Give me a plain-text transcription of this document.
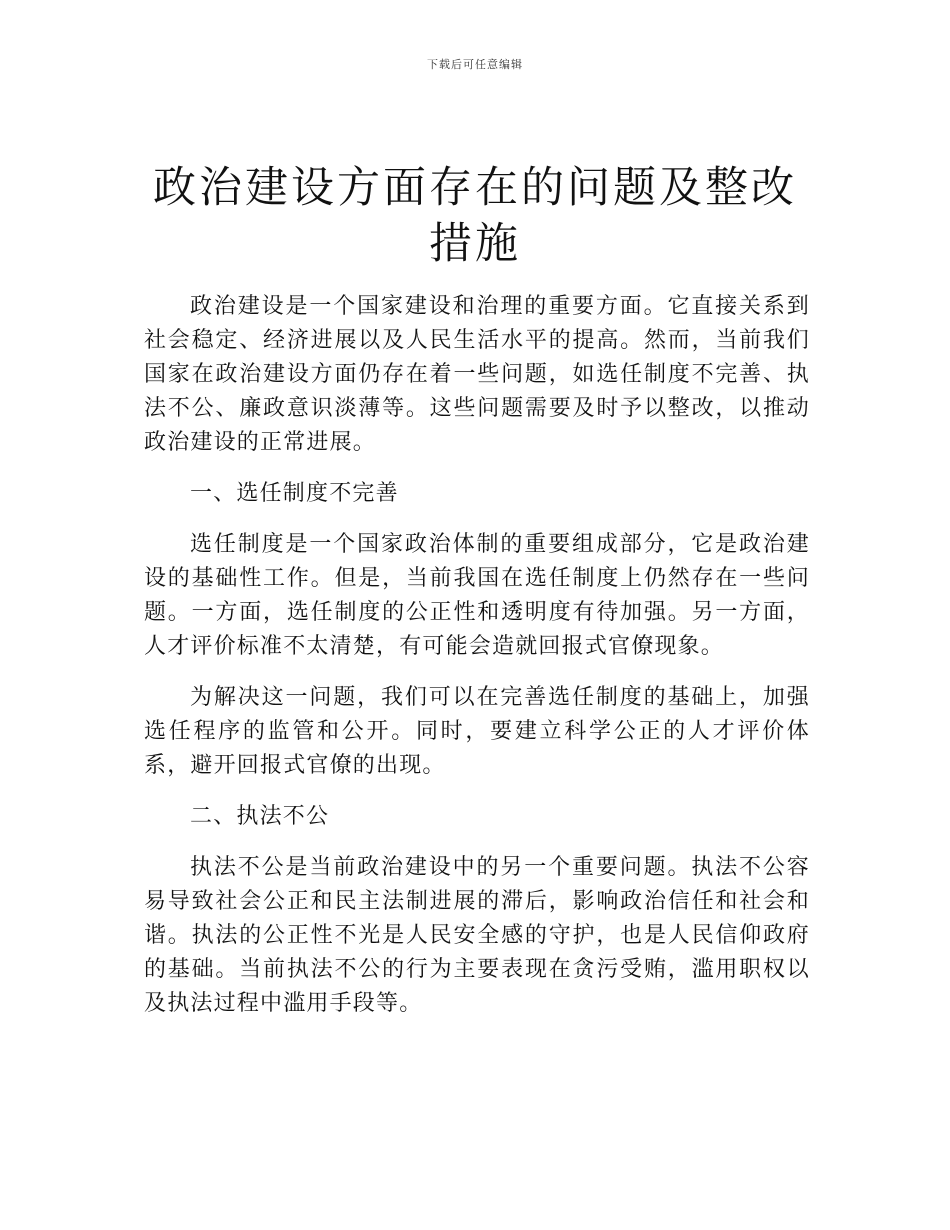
下载后可任意编辑
政治建设方面存在的问题及整改措施

政治建设是一个国家建设和治理的重要方面。它直接关系到社会稳定、经济进展以及人民生活水平的提高。然而，当前我们国家在政治建设方面仍存在着一些问题，如选任制度不完善、执法不公、廉政意识淡薄等。这些问题需要及时予以整改，以推动政治建设的正常进展。

一、选任制度不完善

选任制度是一个国家政治体制的重要组成部分，它是政治建设的基础性工作。但是，当前我国在选任制度上仍然存在一些问题。一方面，选任制度的公正性和透明度有待加强。另一方面，人才评价标准不太清楚，有可能会造就回报式官僚现象。

为解决这一问题，我们可以在完善选任制度的基础上，加强选任程序的监管和公开。同时，要建立科学公正的人才评价体系，避开回报式官僚的出现。

二、执法不公

执法不公是当前政治建设中的另一个重要问题。执法不公容易导致社会公正和民主法制进展的滞后，影响政治信任和社会和谐。执法的公正性不光是人民安全感的守护，也是人民信仰政府的基础。当前执法不公的行为主要表现在贪污受贿，滥用职权以及执法过程中滥用手段等。
